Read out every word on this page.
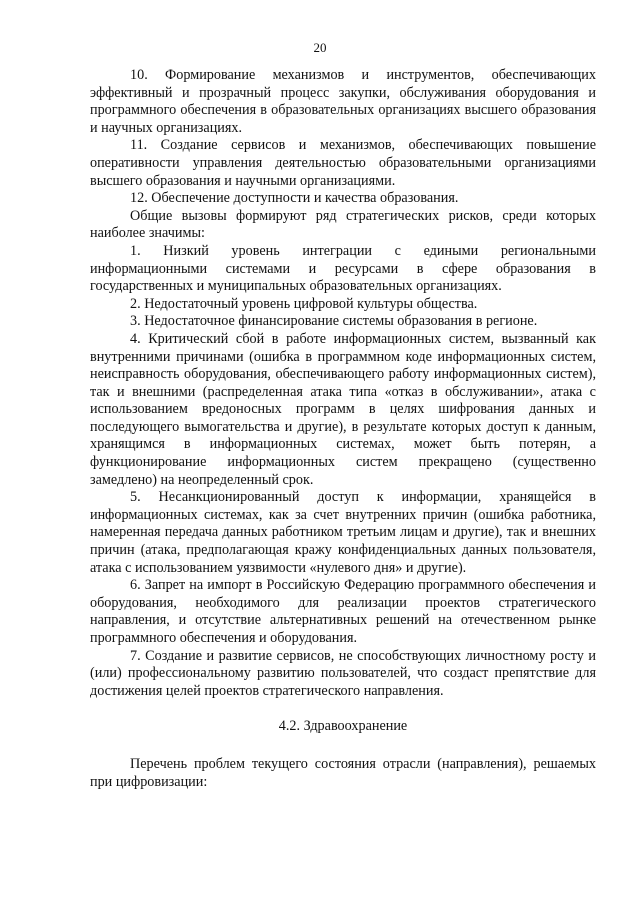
20

10. Формирование механизмов и инструментов, обеспечивающих эффективный и прозрачный процесс закупки, обслуживания оборудования и программного обеспечения в образовательных организациях высшего образования и научных организациях.

11. Создание сервисов и механизмов, обеспечивающих повышение оперативности управления деятельностью образовательными организациями высшего образования и научными организациями.

12. Обеспечение доступности и качества образования.

Общие вызовы формируют ряд стратегических рисков, среди которых наиболее значимы:

1. Низкий уровень интеграции с едиными региональными информационными системами и ресурсами в сфере образования в государственных и муниципальных образовательных организациях.

2. Недостаточный уровень цифровой культуры общества.

3. Недостаточное финансирование системы образования в регионе.

4. Критический сбой в работе информационных систем, вызванный как внутренними причинами (ошибка в программном коде информационных систем, неисправность оборудования, обеспечивающего работу информационных систем), так и внешними (распределенная атака типа «отказ в обслуживании», атака с использованием вредоносных программ в целях шифрования данных и последующего вымогательства и другие), в результате которых доступ к данным, хранящимся в информационных системах, может быть потерян, а функционирование информационных систем прекращено (существенно замедлено) на неопределенный срок.

5. Несанкционированный доступ к информации, хранящейся в информационных системах, как за счет внутренних причин (ошибка работника, намеренная передача данных работником третьим лицам и другие), так и внешних причин (атака, предполагающая кражу конфиденциальных данных пользователя, атака с использованием уязвимости «нулевого дня» и другие).

6. Запрет на импорт в Российскую Федерацию программного обеспечения и оборудования, необходимого для реализации проектов стратегического направления, и отсутствие альтернативных решений на отечественном рынке программного обеспечения и оборудования.

7. Создание и развитие сервисов, не способствующих личностному росту и (или) профессиональному развитию пользователей, что создаст препятствие для достижения целей проектов стратегического направления.

4.2. Здравоохранение

Перечень проблем текущего состояния отрасли (направления), решаемых при цифровизации:
